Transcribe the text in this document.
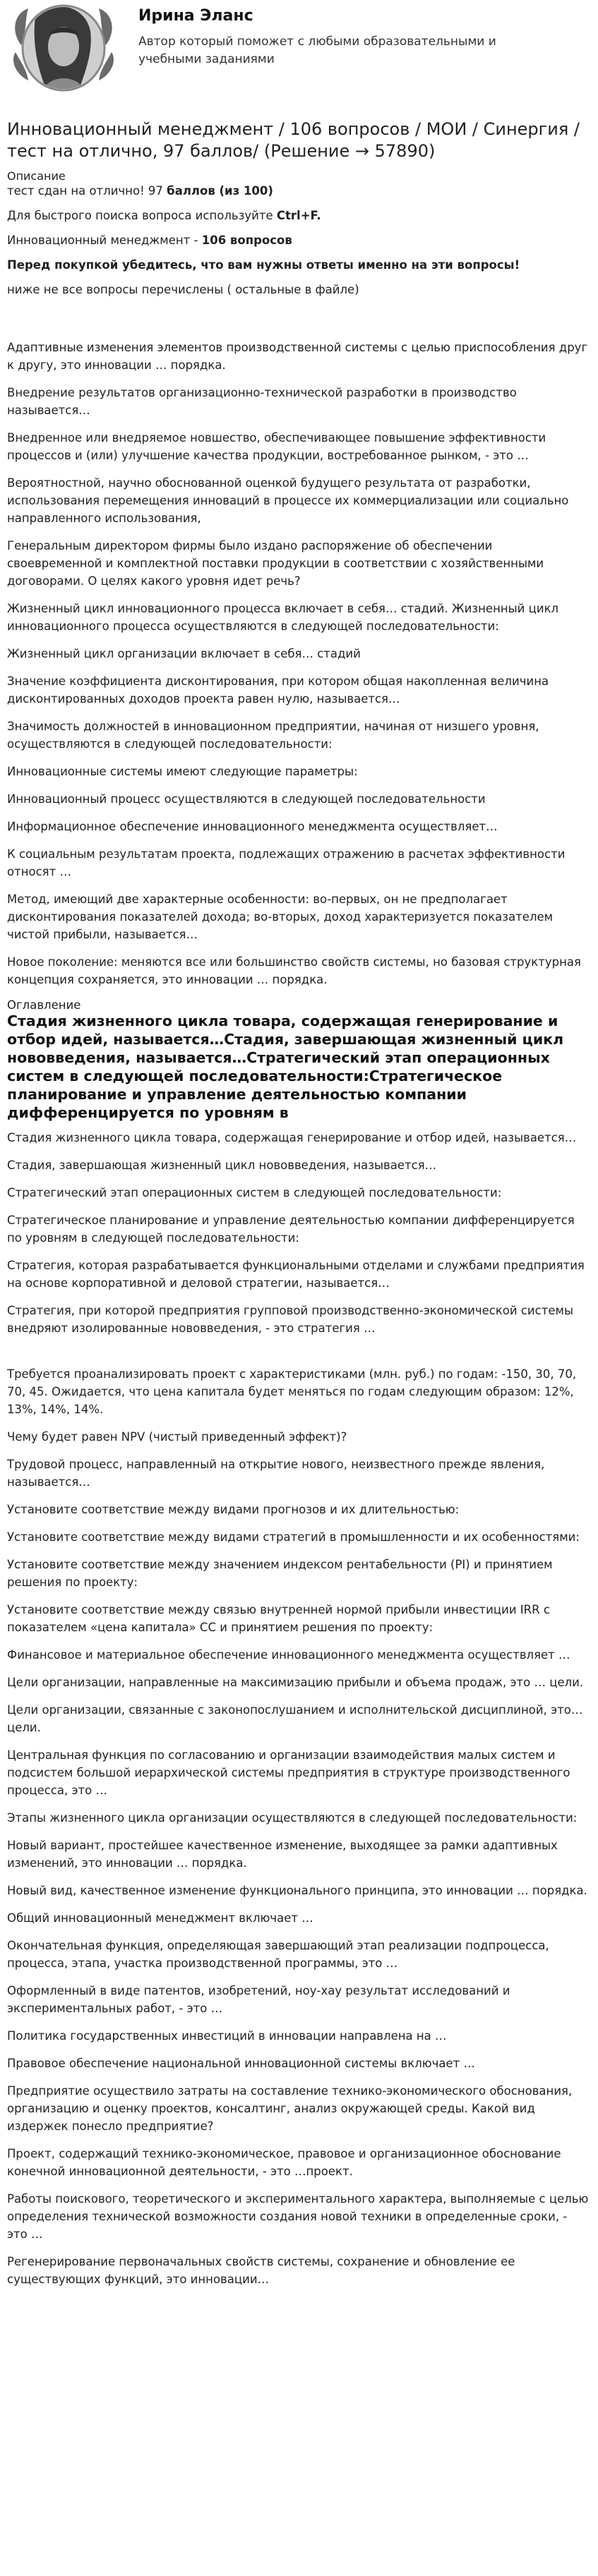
Ирина Эланс
Автор который поможет с любыми образовательными и учебными заданиями
Инновационный менеджмент / 106 вопросов / МОИ / Синергия / тест на отлично, 97 баллов/ (Решение → 57890)
Описание

тест сдан на отлично! 97 баллов (из 100)

Для быстрого поиска вопроса используйте Ctrl+F.

Инновационный менеджмент - 106 вопросов

Перед покупкой убедитесь, что вам нужны ответы именно на эти вопросы!

ниже не все вопросы перечислены ( остальные в файле)

Адаптивные изменения элементов производственной системы с целью приспособления друг к другу, это инновации … порядка.

Внедрение результатов организационно-технической разработки в производство называется…

Внедренное или внедряемое новшество, обеспечивающее повышение эффективности процессов и (или) улучшение качества продукции, востребованное рынком, - это …

Вероятностной, научно обоснованной оценкой будущего результата от разработки, использования перемещения инноваций в процессе их коммерциализации или социально направленного использования,

Генеральным директором фирмы было издано распоряжение об обеспечении своевременной и комплектной поставки продукции в соответствии с хозяйственными договорами. О целях какого уровня идет речь?

Жизненный цикл инновационного процесса включает в себя… стадий. Жизненный цикл инновационного процесса осуществляются в следующей последовательности:

Жизненный цикл организации включает в себя… стадий

Значение коэффициента дисконтирования, при котором общая накопленная величина дисконтированных доходов проекта равен нулю, называется…

Значимость должностей в инновационном предприятии, начиная от низшего уровня, осуществляются в следующей последовательности:

Инновационные системы имеют следующие параметры:

Инновационный процесс осуществляются в следующей последовательности

Информационное обеспечение инновационного менеджмента осуществляет…

К социальным результатам проекта, подлежащих отражению в расчетах эффективности относят …

Метод, имеющий две характерные особенности: во-первых, он не предполагает дисконтирования показателей дохода; во-вторых, доход характеризуется показателем чистой прибыли, называется…

Новое поколение: меняются все или большинство свойств системы, но базовая структурная концепция сохраняется, это инновации … порядка.

Оглавление
Стадия жизненного цикла товара, содержащая генерирование и отбор идей, называется…Стадия, завершающая жизненный цикл нововведения, называется…Стратегический этап операционных систем в следующей последовательности:Стратегическое планирование и управление деятельностью компании дифференцируется по уровням в

Стадия жизненного цикла товара, содержащая генерирование и отбор идей, называется…

Стадия, завершающая жизненный цикл нововведения, называется…

Стратегический этап операционных систем в следующей последовательности:

Стратегическое планирование и управление деятельностью компании дифференцируется по уровням в следующей последовательности:

Стратегия, которая разрабатывается функциональными отделами и службами предприятия на основе корпоративной и деловой стратегии, называется…

Стратегия, при которой предприятия групповой производственно-экономической системы внедряют изолированные нововведения, - это стратегия …

Требуется проанализировать проект с характеристиками (млн. руб.) по годам: -150, 30, 70, 70, 45. Ожидается, что цена капитала будет меняться по годам следующим образом: 12%, 13%, 14%, 14%.

Чему будет равен NPV (чистый приведенный эффект)?

Трудовой процесс, направленный на открытие нового, неизвестного прежде явления, называется…

Установите соответствие между видами прогнозов и их длительностью:

Установите соответствие между видами стратегий в промышленности и их особенностями:

Установите соответствие между значением индексом рентабельности (PI) и принятием решения по проекту:

Установите соответствие между связью внутренней нормой прибыли инвестиции IRR с показателем «цена капитала» СС и принятием решения по проекту:

Финансовое и материальное обеспечение инновационного менеджмента осуществляет …

Цели организации, направленные на максимизацию прибыли и объема продаж, это … цели.

Цели организации, связанные с законопослушанием и исполнительской дисциплиной, это… цели.

Центральная функция по согласованию и организации взаимодействия малых систем и подсистем большой иерархической системы предприятия в структуре производственного процесса, это …

Этапы жизненного цикла организации осуществляются в следующей последовательности:

Новый вариант, простейшее качественное изменение, выходящее за рамки адаптивных изменений, это инновации … порядка.

Новый вид, качественное изменение функционального принципа, это инновации … порядка.

Общий инновационный менеджмент включает …

Окончательная функция, определяющая завершающий этап реализации подпроцесса, процесса, этапа, участка производственной программы, это …

Оформленный в виде патентов, изобретений, ноу-хау результат исследований и экспериментальных работ, - это …

Политика государственных инвестиций в инновации направлена на …

Правовое обеспечение национальной инновационной системы включает …

Предприятие осуществило затраты на составление технико-экономического обоснования, организацию и оценку проектов, консалтинг, анализ окружающей среды. Какой вид издержек понесло предприятие?

Проект, содержащий технико-экономическое, правовое и организационное обоснование конечной инновационной деятельности, - это …проект.

Работы поискового, теоретического и экспериментального характера, выполняемые с целью определения технической возможности создания новой техники в определенные сроки, - это …

Регенерирование первоначальных свойств системы, сохранение и обновление ее существующих функций, это инновации…
